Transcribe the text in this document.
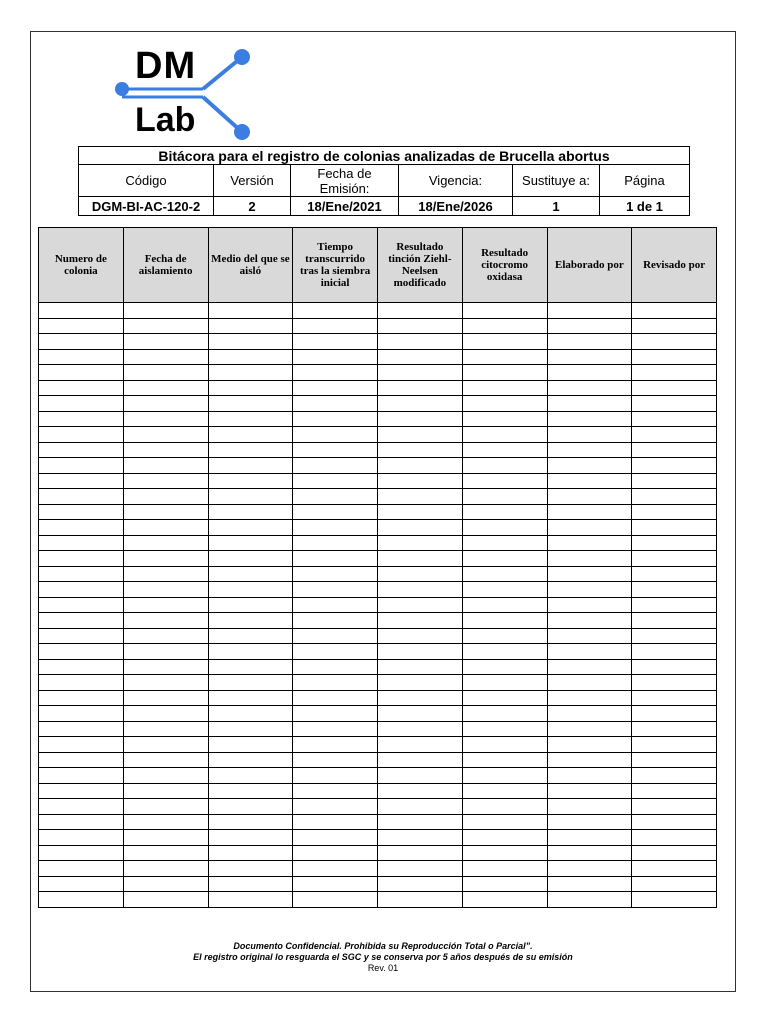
DM
Lab
Bitácora para el registro de colonias analizadas de Brucella abortus					
Código	Versión	Fecha de Emisión:	Vigencia:	Sustituye a:	Página
DGM-BI-AC-120-2	2	18/Ene/2021	18/Ene/2026	1	1 de 1
Numero de colonia	Fecha de aislamiento	Medio del que se aisló	Tiempo transcurrido tras la siembra inicial	Resultado tinción Ziehl-Neelsen modificado	Resultado citocromo oxidasa	Elaborado por	Revisado por

Documento Confidencial. Prohibida su Reproducción Total o Parcial”.
El registro original lo resguarda el SGC y se conserva por 5 años después de su emisión
Rev. 01
